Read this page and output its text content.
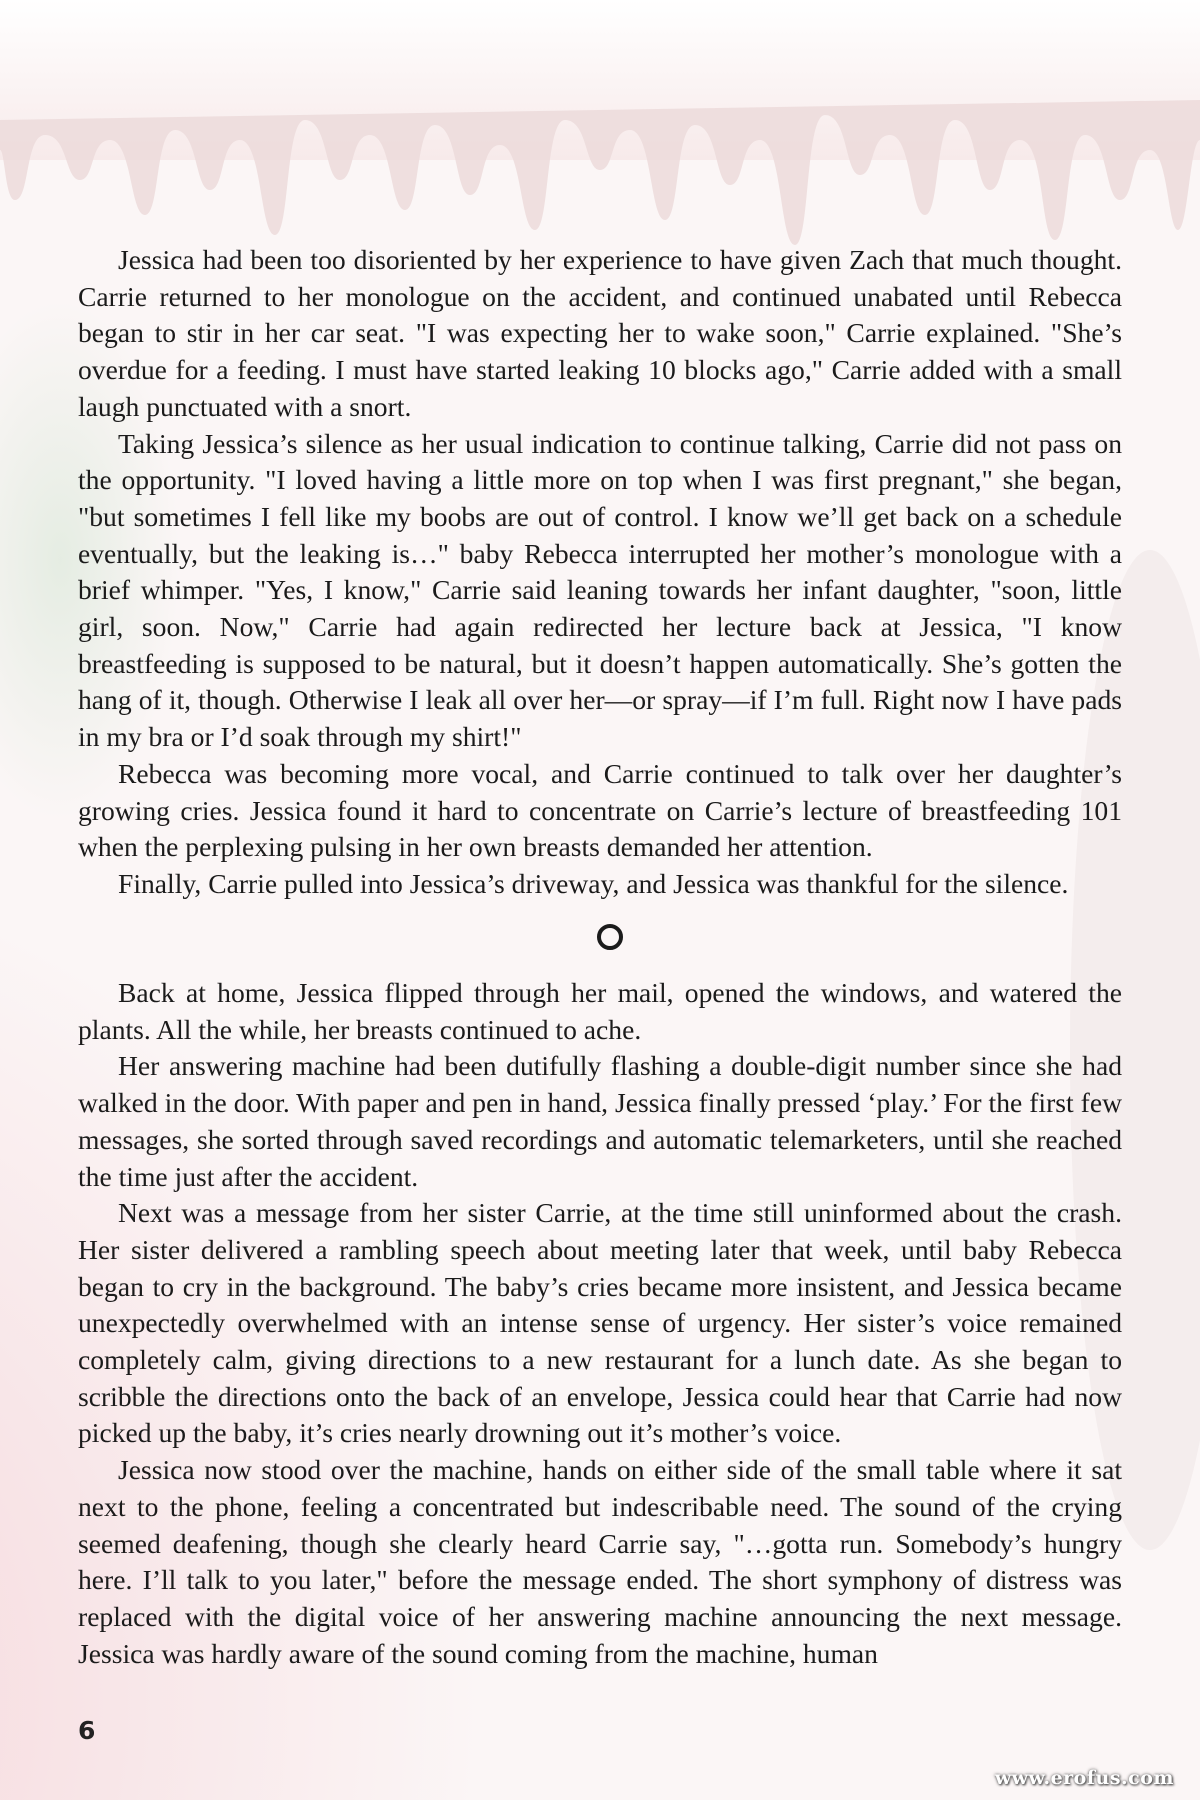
Jessica had been too disoriented by her experience to have given Zach that much thought. Carrie returned to her monologue on the accident, and continued unabated until Rebecca began to stir in her car seat. "I was expecting her to wake soon," Carrie explained. "She’s overdue for a feeding. I must have started leaking 10 blocks ago," Carrie added with a small laugh punctuated with a snort.

Taking Jessica’s silence as her usual indication to continue talking, Carrie did not pass on the opportunity. "I loved having a little more on top when I was first pregnant," she began, "but sometimes I fell like my boobs are out of control. I know we’ll get back on a schedule eventually, but the leaking is…" baby Rebecca interrupted her mother’s monologue with a brief whimper. "Yes, I know," Carrie said leaning towards her infant daughter, "soon, little girl, soon. Now," Carrie had again redirected her lecture back at Jessica, "I know breastfeeding is supposed to be natural, but it doesn’t happen automatically. She’s gotten the hang of it, though. Otherwise I leak all over her—or spray—if I’m full. Right now I have pads in my bra or I’d soak through my shirt!"

Rebecca was becoming more vocal, and Carrie continued to talk over her daughter’s growing cries. Jessica found it hard to concentrate on Carrie’s lecture of breastfeeding 101 when the perplexing pulsing in her own breasts demanded her attention.

Finally, Carrie pulled into Jessica’s driveway, and Jessica was thankful for the silence.

Back at home, Jessica flipped through her mail, opened the windows, and watered the plants. All the while, her breasts continued to ache.

Her answering machine had been dutifully flashing a double-digit number since she had walked in the door. With paper and pen in hand, Jessica finally pressed ‘play.’ For the first few messages, she sorted through saved recordings and automatic telemarketers, until she reached the time just after the accident.

Next was a message from her sister Carrie, at the time still uninformed about the crash. Her sister delivered a rambling speech about meeting later that week, until baby Rebecca began to cry in the background. The baby’s cries became more insistent, and Jessica became unexpectedly overwhelmed with an intense sense of urgency. Her sister’s voice remained completely calm, giving directions to a new restaurant for a lunch date. As she began to scribble the directions onto the back of an envelope, Jessica could hear that Carrie had now picked up the baby, it’s cries nearly drowning out it’s mother’s voice.

Jessica now stood over the machine, hands on either side of the small table where it sat next to the phone, feeling a concentrated but indescribable need. The sound of the crying seemed deafening, though she clearly heard Carrie say, "…gotta run. Somebody’s hungry here. I’ll talk to you later," before the message ended. The short symphony of distress was replaced with the digital voice of her answering machine announcing the next message. Jessica was hardly aware of the sound coming from the machine, human

6
www.erofus.com
